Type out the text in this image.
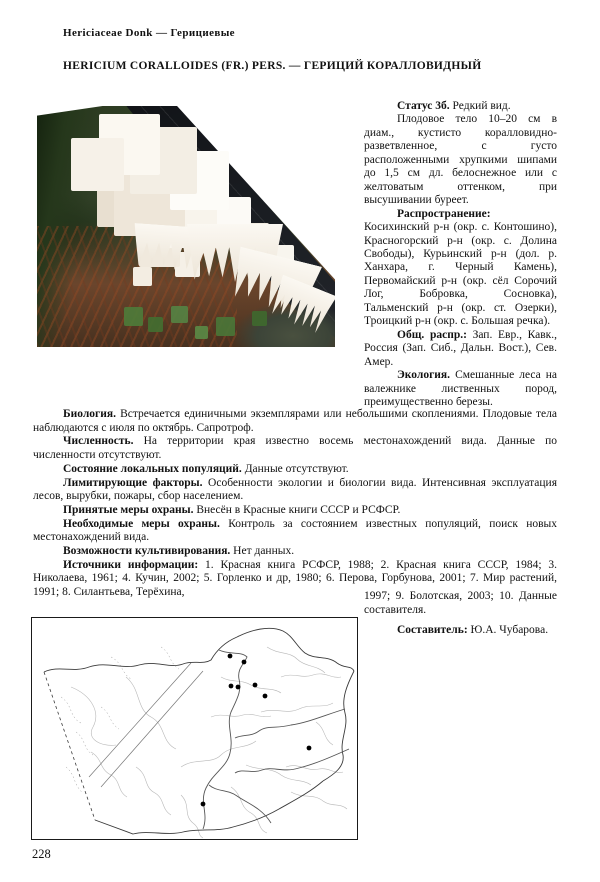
Hericiaceae Donk — Герициевые
HERICIUM CORALLOIDES (FR.) PERS. — ГЕРИЦИЙ КОРАЛЛОВИДНЫЙ

Статус 3б. Редкий вид.

Плодовое тело 10–20 см в диам., кустисто коралловидно-разветвленное, с густо расположенными хрупкими шипами до 1,5 см дл. белоснежное или с желтоватым оттенком, при высушивании буреет.

Распространение: Косихинский р-н (окр. с. Контошино), Красногорский р-н (окр. с. Долина Свободы), Курьинский р-н (дол. р. Ханхара, г. Черный Камень), Первомайский р-н (окр. сёл Сорочий Лог, Бобровка, Сосновка), Тальменский р-н (окр. ст. Озерки), Троицкий р-н (окр. с. Большая речка).

Общ. распр.: Зап. Евр., Кавк., Россия (Зап. Сиб., Дальн. Вост.), Сев. Амер.

Экология. Смешанные леса на валежнике лиственных пород, преимущественно березы.

Биология. Встречается единичными экземплярами или небольшими скоплениями. Плодовые тела наблюдаются с июля по октябрь. Сапротроф.

Численность. На территории края известно восемь местонахождений вида. Данные по численности отсутствуют.

Состояние локальных популяций. Данные отсутствуют.

Лимитирующие факторы. Особенности экологии и биологии вида. Интенсивная эксплуатация лесов, вырубки, пожары, сбор населением.

Принятые меры охраны. Внесён в Красные книги СССР и РСФСР.

Необходимые меры охраны. Контроль за состоянием известных популяций, поиск новых местонахождений вида.

Возможности культивирования. Нет данных.

Источники информации: 1. Красная книга РСФСР, 1988; 2. Красная книга СССР, 1984; 3. Николаева, 1961; 4. Кучин, 2002; 5. Горленко и др, 1980; 6. Перова, Горбунова, 2001; 7. Мир растений, 1991; 8. Силантьева, Терёхина,	1997; 9. Болотская, 2003; 10. Данные составителя.

Составитель: Ю.А. Чубарова.

228
